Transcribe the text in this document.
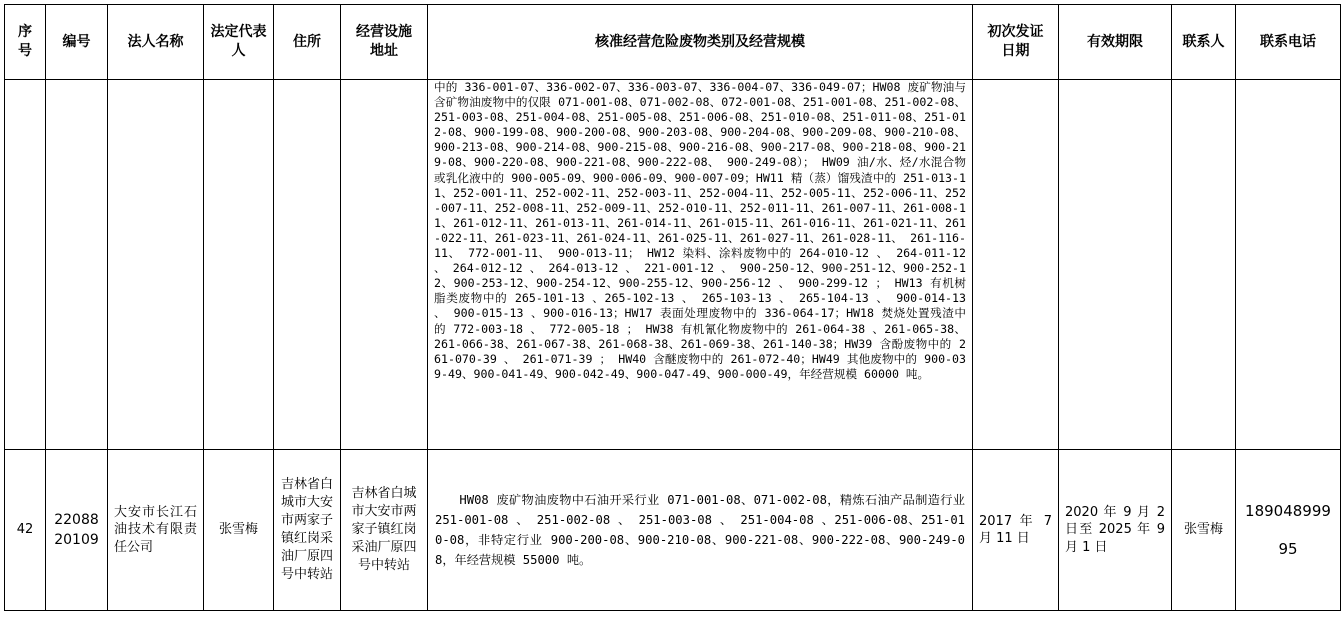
序号	编号	法人名称	法定代表人	住所	经营设施地址	核准经营危险废物类别及经营规模	初次发证日期	有效期限	联系人	联系电话
						中的 336-001-07、336-002-07、336-003-07、336-004-07、336-049-07；HW08 废矿物油与含矿物油废物中的仅限 071-001-08、071-002-08、072-001-08、251-001-08、251-002-08、251-003-08、251-004-08、251-005-08、251-006-08、251-010-08、251-011-08、251-012-08、900-199-08、900-200-08、900-203-08、900-204-08、900-209-08、900-210-08、900-213-08、900-214-08、900-215-08、900-216-08、900-217-08、900-218-08、900-219-08、900-220-08、900-221-08、900-222-08、 900-249-08）； HW09 油/水、烃/水混合物或乳化液中的 900-005-09、900-006-09、900-007-09；HW11 精（蒸）馏残渣中的 251-013-11、252-001-11、252-002-11、252-003-11、252-004-11、252-005-11、252-006-11、252-007-11、252-008-11、252-009-11、252-010-11、252-011-11、261-007-11、261-008-11、261-012-11、261-013-11、261-014-11、261-015-11、261-016-11、261-021-11、261-022-11、261-023-11、261-024-11、261-025-11、261-027-11、261-028-11、 261-116-11、 772-001-11、 900-013-11； HW12 染料、涂料废物中的 264-010-12 、 264-011-12 、 264-012-12 、 264-013-12 、 221-001-12 、 900-250-12、900-251-12、900-252-12、900-253-12、900-254-12、900-255-12、900-256-12 、 900-299-12 ； HW13 有机树脂类废物中的 265-101-13 、265-102-13 、 265-103-13 、 265-104-13 、 900-014-13 、 900-015-13 、900-016-13；HW17 表面处理废物中的 336-064-17；HW18 焚烧处置残渣中的 772-003-18 、 772-005-18 ； HW38 有机氰化物废物中的 261-064-38 、261-065-38、261-066-38、261-067-38、261-068-38、261-069-38、261-140-38；HW39 含酚废物中的 261-070-39 、 261-071-39 ； HW40 含醚废物中的 261-072-40；HW49 其他废物中的 900-039-49、900-041-49、900-042-49、900-047-49、900-000-49，年经营规模 60000 吨。				
42	2208820109	大安市长江石油技术有限责任公司	张雪梅	吉林省白城市大安市两家子镇红岗采油厂原四号中转站	吉林省白城市大安市两家子镇红岗采油厂原四号中转站	HW08 废矿物油废物中石油开采行业 071-001-08、071-002-08，精炼石油产品制造行业 251-001-08 、 251-002-08 、 251-003-08 、 251-004-08 、251-006-08、251-010-08，非特定行业 900-200-08、900-210-08、900-221-08、900-222-08、900-249-08，年经营规模 55000 吨。	2017 年 7 月 11 日	2020 年 9 月 2 日至 2025 年 9 月 1 日	张雪梅	18904899995
